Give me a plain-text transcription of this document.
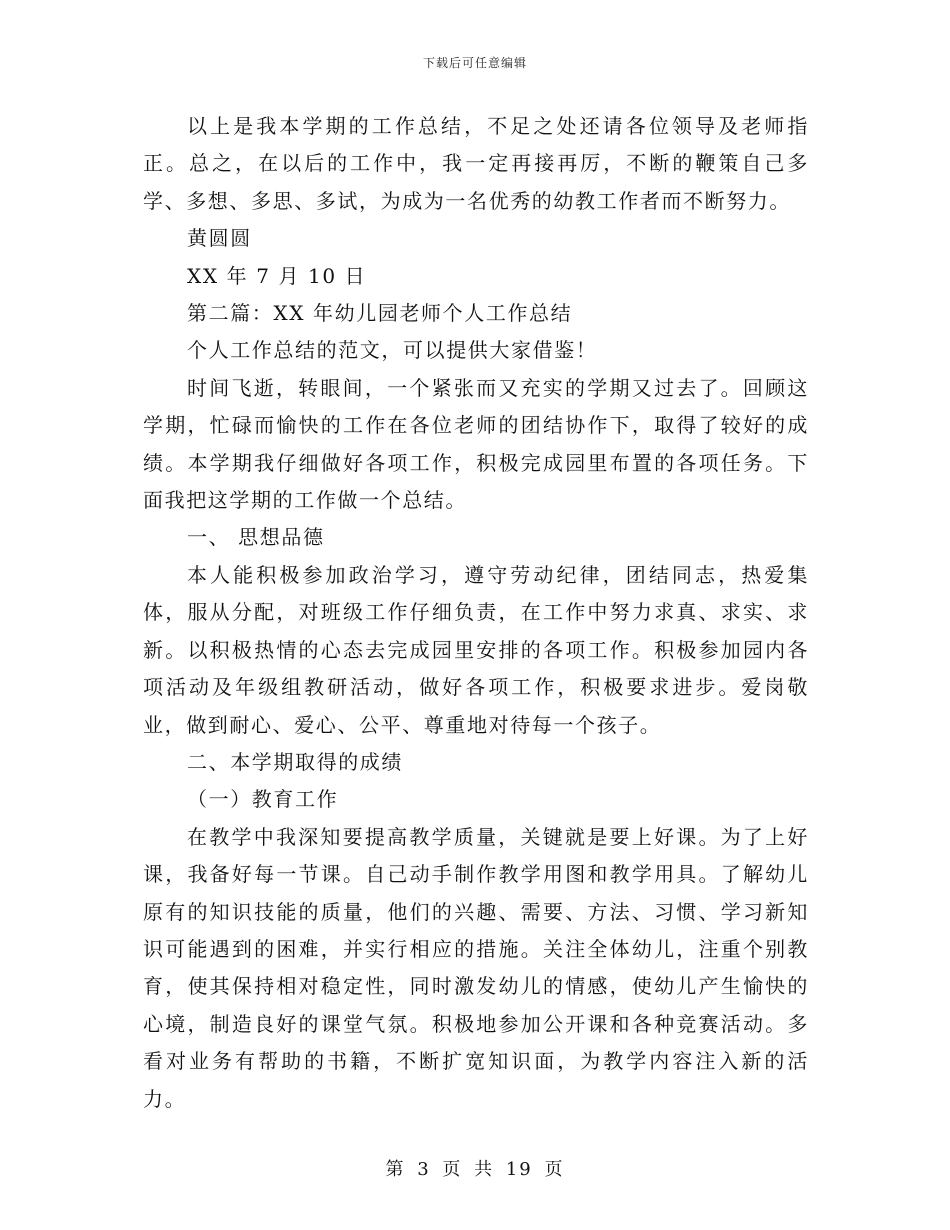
下载后可任意编辑

以上是我本学期的工作总结，不足之处还请各位领导及老师指正。总之，在以后的工作中，我一定再接再厉，不断的鞭策自己多学、多想、多思、多试，为成为一名优秀的幼教工作者而不断努力。

黄圆圆

XX 年 7 月 10 日

第二篇：XX 年幼儿园老师个人工作总结

个人工作总结的范文，可以提供大家借鉴！

时间飞逝，转眼间，一个紧张而又充实的学期又过去了。回顾这学期，忙碌而愉快的工作在各位老师的团结协作下，取得了较好的成绩。本学期我仔细做好各项工作，积极完成园里布置的各项任务。下面我把这学期的工作做一个总结。

一、 思想品德

本人能积极参加政治学习，遵守劳动纪律，团结同志，热爱集体，服从分配，对班级工作仔细负责，在工作中努力求真、求实、求新。以积极热情的心态去完成园里安排的各项工作。积极参加园内各项活动及年级组教研活动，做好各项工作，积极要求进步。爱岗敬业，做到耐心、爱心、公平、尊重地对待每一个孩子。

二、本学期取得的成绩

（一）教育工作

在教学中我深知要提高教学质量，关键就是要上好课。为了上好课，我备好每一节课。自己动手制作教学用图和教学用具。了解幼儿原有的知识技能的质量，他们的兴趣、需要、方法、习惯、学习新知识可能遇到的困难，并实行相应的措施。关注全体幼儿，注重个别教育，使其保持相对稳定性，同时激发幼儿的情感，使幼儿产生愉快的心境，制造良好的课堂气氛。积极地参加公开课和各种竞赛活动。多看对业务有帮助的书籍，不断扩宽知识面，为教学内容注入新的活力。

第 3 页 共 19 页
